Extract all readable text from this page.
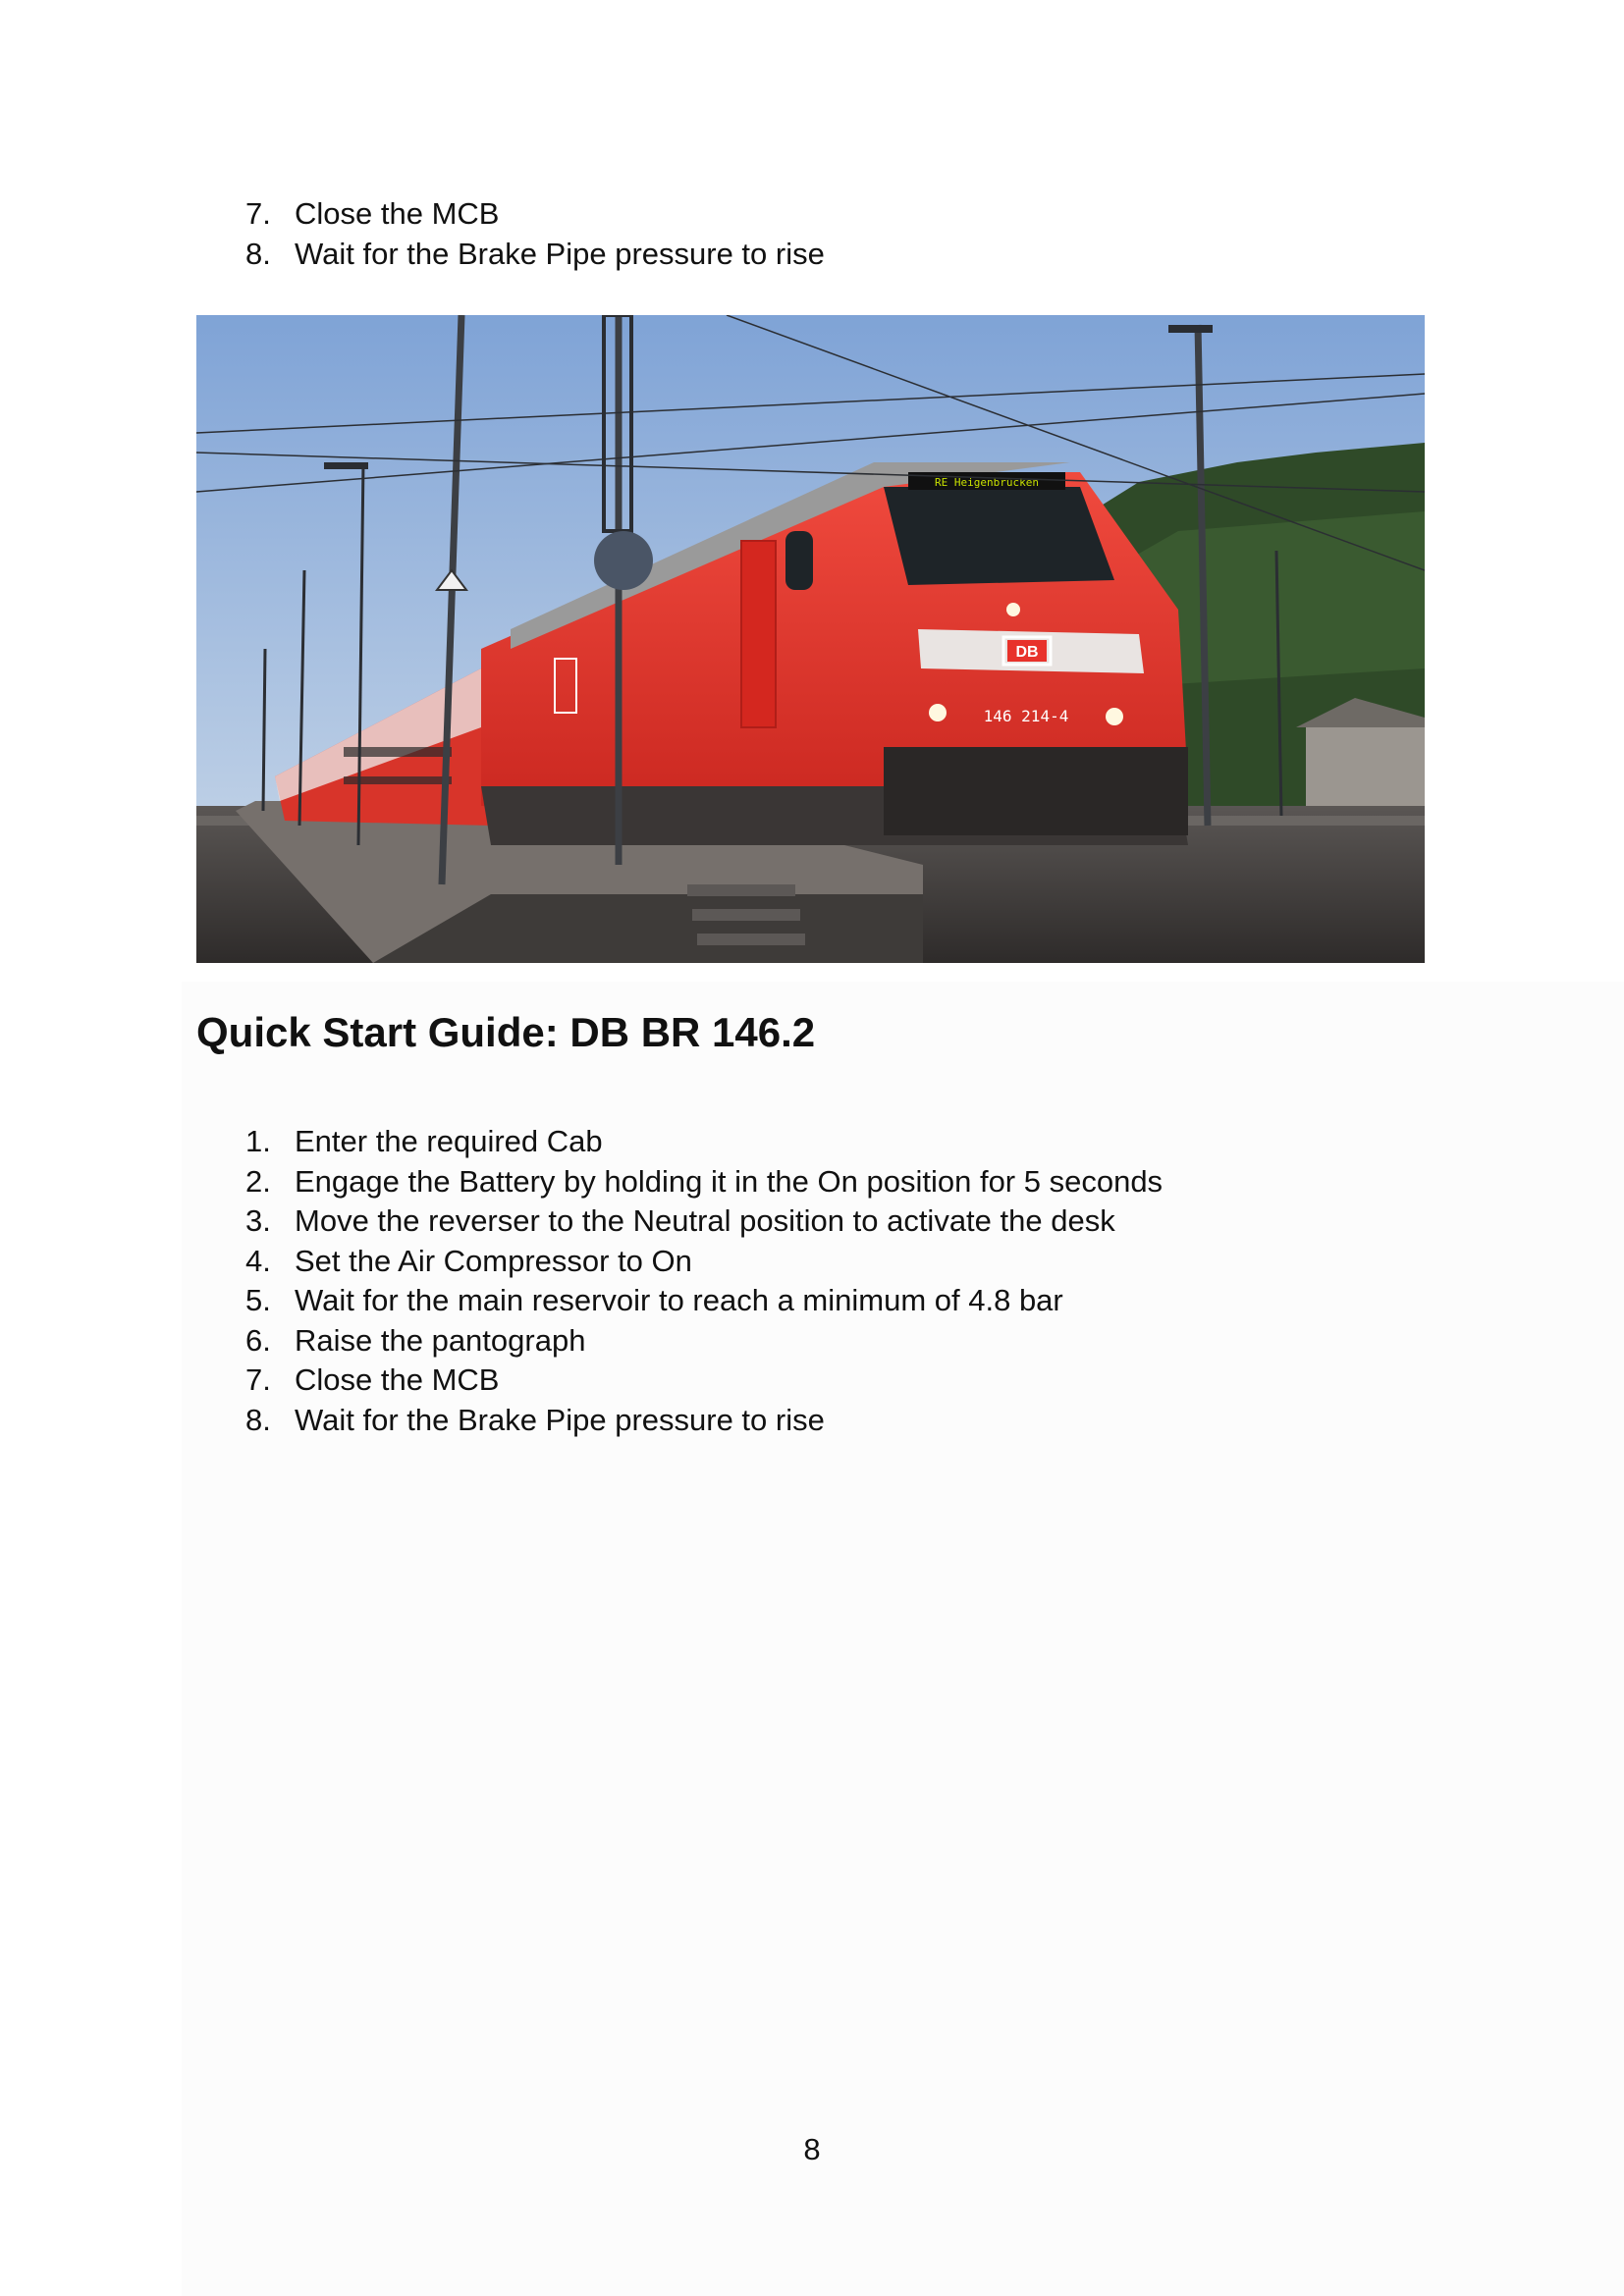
7. Close the MCB
8. Wait for the Brake Pipe pressure to rise
RE Heigenbrücken
DB
146 214-4
Quick Start Guide: DB BR 146.2
1. Enter the required Cab
2. Engage the Battery by holding it in the On position for 5 seconds
3. Move the reverser to the Neutral position to activate the desk
4. Set the Air Compressor to On
5. Wait for the main reservoir to reach a minimum of 4.8 bar
6. Raise the pantograph
7. Close the MCB
8. Wait for the Brake Pipe pressure to rise
8
